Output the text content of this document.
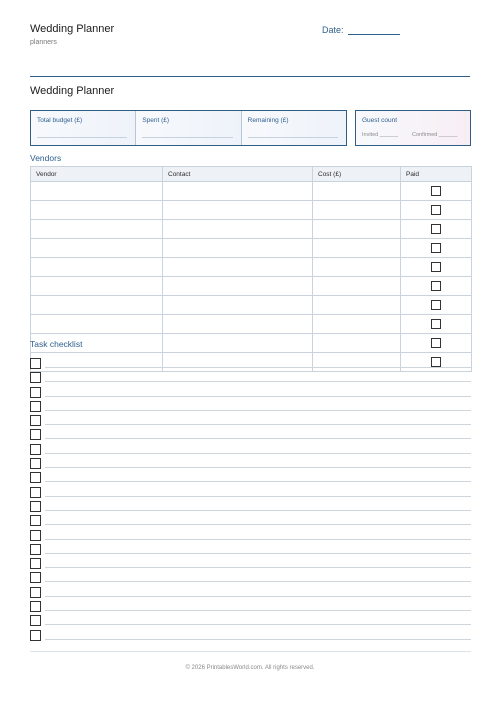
Wedding Planner
planners
Date:
Wedding Planner
Total budget (£)	Spent (£)	Remaining (£)	Guest count
Invited ______	Confirmed ______
Vendors
Vendor	Contact	Cost (£)	Paid

Task checklist
© 2026 PrintablesWorld.com. All rights reserved.
